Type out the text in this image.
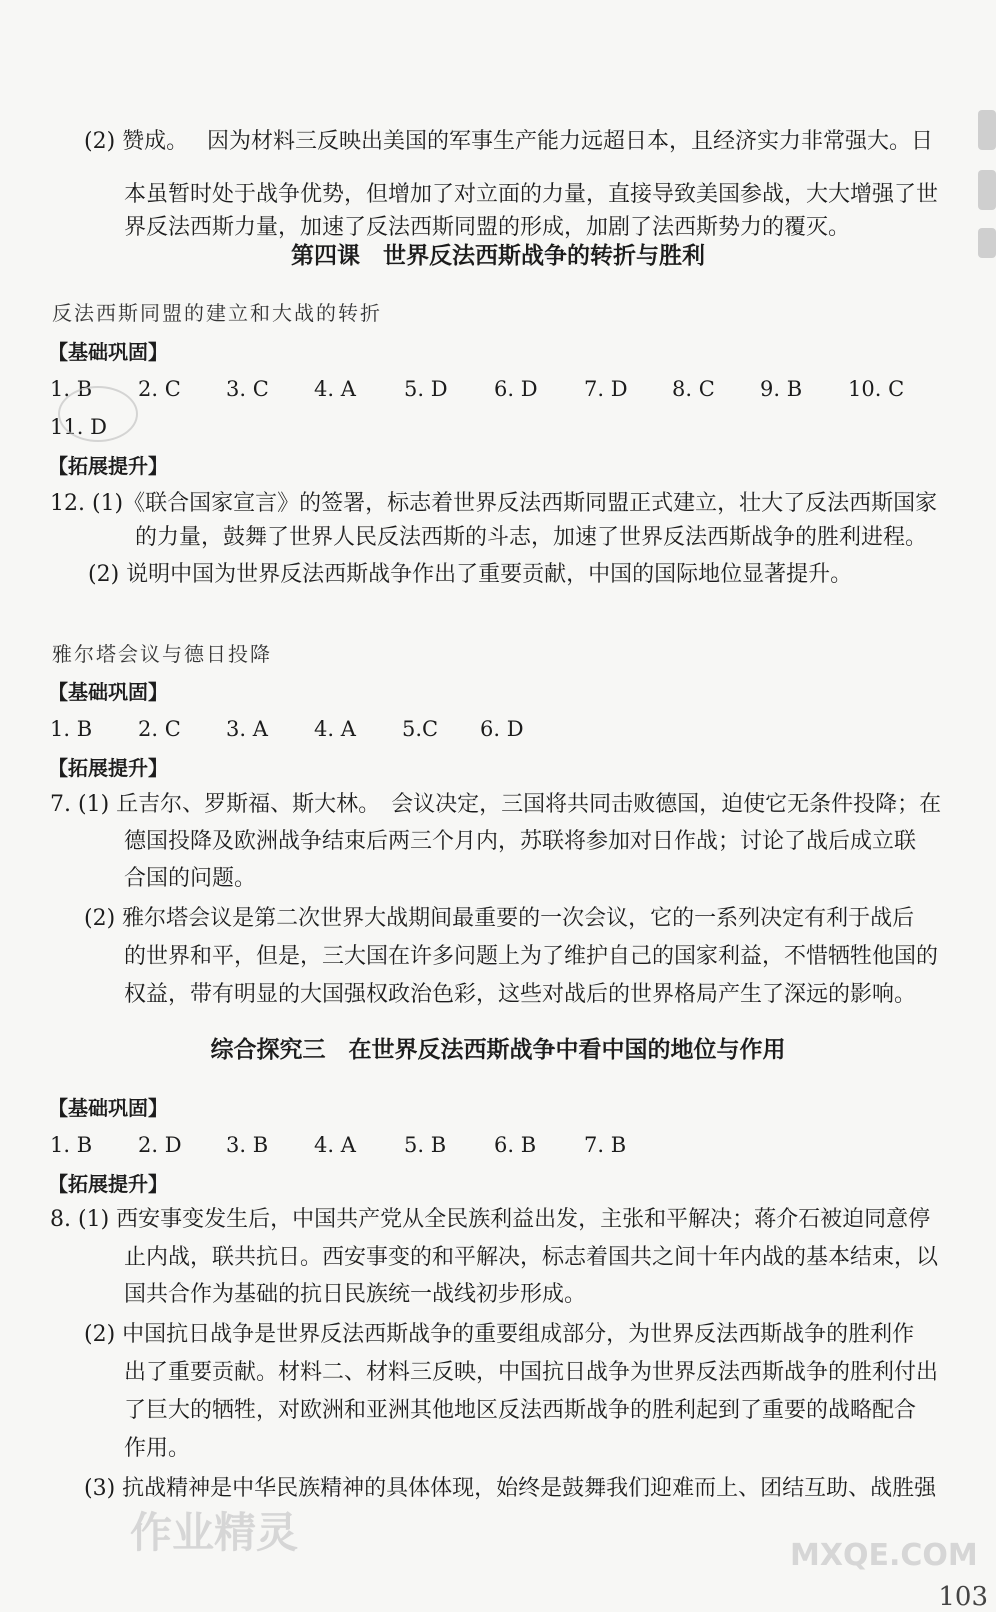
(2) 赞成。 因为材料三反映出美国的军事生产能力远超日本，且经济实力非常强大。日
本虽暂时处于战争优势，但增加了对立面的力量，直接导致美国参战，大大增强了世
界反法西斯力量，加速了反法西斯同盟的形成，加剧了法西斯势力的覆灭。
第四课　世界反法西斯战争的转折与胜利
反法西斯同盟的建立和大战的转折
【基础巩固】
1. B 2. C 3. C 4. A 5. D 6. D 7. D 8. C 9. B 10. C
11. D
【拓展提升】
12. (1)《联合国家宣言》的签署，标志着世界反法西斯同盟正式建立，壮大了反法西斯国家
的力量，鼓舞了世界人民反法西斯的斗志，加速了世界反法西斯战争的胜利进程。
(2) 说明中国为世界反法西斯战争作出了重要贡献，中国的国际地位显著提升。
雅尔塔会议与德日投降
【基础巩固】
1. B 2. C 3. A 4. A 5.C 6. D
【拓展提升】
7. (1) 丘吉尔、罗斯福、斯大林。　会议决定，三国将共同击败德国，迫使它无条件投降；在
德国投降及欧洲战争结束后两三个月内，苏联将参加对日作战；讨论了战后成立联
合国的问题。
(2) 雅尔塔会议是第二次世界大战期间最重要的一次会议，它的一系列决定有利于战后
的世界和平，但是，三大国在许多问题上为了维护自己的国家利益，不惜牺牲他国的
权益，带有明显的大国强权政治色彩，这些对战后的世界格局产生了深远的影响。
综合探究三　在世界反法西斯战争中看中国的地位与作用
【基础巩固】
1. B 2. D 3. B 4. A 5. B 6. B 7. B
【拓展提升】
8. (1) 西安事变发生后，中国共产党从全民族利益出发，主张和平解决；蒋介石被迫同意停
止内战，联共抗日。西安事变的和平解决，标志着国共之间十年内战的基本结束，以
国共合作为基础的抗日民族统一战线初步形成。
(2) 中国抗日战争是世界反法西斯战争的重要组成部分，为世界反法西斯战争的胜利作
出了重要贡献。材料二、材料三反映，中国抗日战争为世界反法西斯战争的胜利付出
了巨大的牺牲，对欧洲和亚洲其他地区反法西斯战争的胜利起到了重要的战略配合
作用。
(3) 抗战精神是中华民族精神的具体体现，始终是鼓舞我们迎难而上、团结互助、战胜强
作业精灵	MXQE.COM
103
